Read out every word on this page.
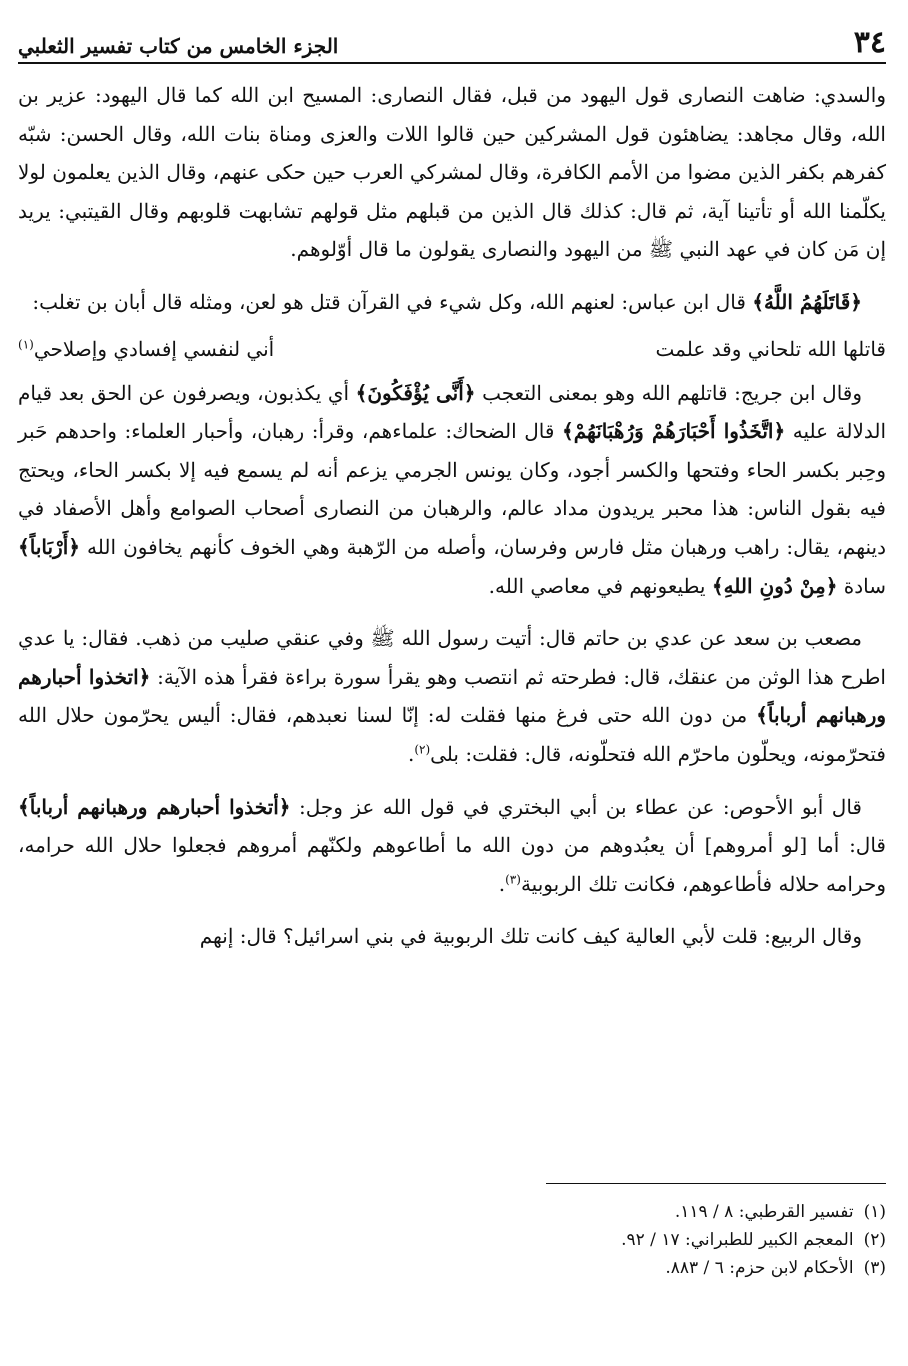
٣٤
الجزء الخامس من كتاب تفسير الثعلبي

والسدي: ضاهت النصارى قول اليهود من قبل، فقال النصارى: المسيح ابن الله كما قال اليهود: عزير بن الله، وقال مجاهد: يضاهئون قول المشركين حين قالوا اللات والعزى ومناة بنات الله، وقال الحسن: شبّه كفرهم بكفر الذين مضوا من الأمم الكافرة، وقال لمشركي العرب حين حكى عنهم، وقال الذين يعلمون لولا يكلّمنا الله أو تأتينا آية، ثم قال: كذلك قال الذين من قبلهم مثل قولهم تشابهت قلوبهم وقال القيتبي: يريد إن مَن كان في عهد النبي ﷺ من اليهود والنصارى يقولون ما قال أوّلوهم.

﴿قَاتَلَهُمُ اللَّهُ﴾ قال ابن عباس: لعنهم الله، وكل شيء في القرآن قتل هو لعن، ومثله قال أبان بن تغلب:

قاتلها الله تلحاني وقد علمت
أني لنفسي إفسادي وإصلاحي$^{(١)}$

وقال ابن جريج: قاتلهم الله وهو بمعنى التعجب ﴿أَنَّى يُؤْفَكُونَ﴾ أي يكذبون، ويصرفون عن الحق بعد قيام الدلالة عليه ﴿اتَّخَذُوا أَحْبَارَهُمْ وَرُهْبَانَهُمْ﴾ قال الضحاك: علماءهم، وقرأ: رهبان، وأحبار العلماء: واحدهم حَبر وحِبر بكسر الحاء وفتحها والكسر أجود، وكان يونس الجرمي يزعم أنه لم يسمع فيه إلا بكسر الحاء، ويحتج فيه بقول الناس: هذا محبر يريدون مداد عالم، والرهبان من النصارى أصحاب الصوامع وأهل الأصفاد في دينهم، يقال: راهب ورهبان مثل فارس وفرسان، وأصله من الرّهبة وهي الخوف كأنهم يخافون الله ﴿أَرْبَاباً﴾ سادة ﴿مِنْ دُونِ اللهِ﴾ يطيعونهم في معاصي الله.

مصعب بن سعد عن عدي بن حاتم قال: أتيت رسول الله ﷺ وفي عنقي صليب من ذهب. فقال: يا عدي اطرح هذا الوثن من عنقك، قال: فطرحته ثم انتصب وهو يقرأ سورة براءة فقرأ هذه الآية: ﴿اتخذوا أحبارهم ورهبانهم أرباباً﴾ من دون الله حتى فرغ منها فقلت له: إنّا لسنا نعبدهم، فقال: أليس يحرّمون حلال الله فتحرّمونه، ويحلّون ماحرّم الله فتحلّونه، قال: فقلت: بلى$^{(٢)}$.

قال أبو الأحوص: عن عطاء بن أبي البختري في قول الله عز وجل: ﴿أتخذوا أحبارهم ورهبانهم أرباباً﴾ قال: أما [لو أمروهم] أن يعبُدوهم من دون الله ما أطاعوهم ولكنّهم أمروهم فجعلوا حلال الله حرامه، وحرامه حلاله فأطاعوهم، فكانت تلك الربوبية$^{(٣)}$.

وقال الربيع: قلت لأبي العالية كيف كانت تلك الربوبية في بني اسرائيل؟ قال: إنهم

(١)تفسير القرطبي: ٨ / ١١٩.
(٢)المعجم الكبير للطبراني: ١٧ / ٩٢.
(٣)الأحكام لابن حزم: ٦ / ٨٨٣.
